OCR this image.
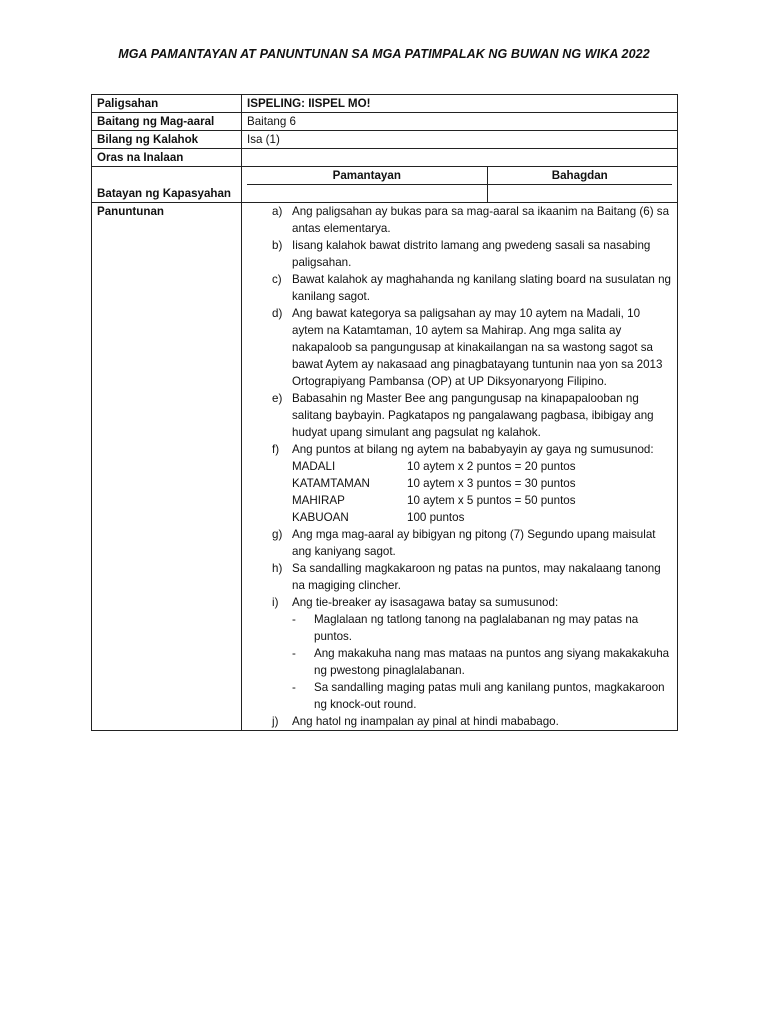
MGA PAMANTAYAN AT PANUNTUNAN SA MGA PATIMPALAK NG BUWAN NG WIKA 2022
Paligsahan	ISPELING: IISPEL MO!
Baitang ng Mag-aaral	Baitang 6
Bilang ng Kalahok	Isa (1)
Oras na Inalaan	
Batayan ng Kapasyahan	
Pamantayan	Bahagdan

Panuntunan	a) Ang paligsahan ay bukas para sa mag-aaral sa ikaanim na Baitang (6) sa antas elementarya.
b) Iisang kalahok bawat distrito lamang ang pwedeng sasali sa nasabing paligsahan.
c) Bawat kalahok ay maghahanda ng kanilang slating board na susulatan ng kanilang sagot.
d) Ang bawat kategorya sa paligsahan ay may 10 aytem na Madali, 10 aytem na Katamtaman, 10 aytem sa Mahirap. Ang mga salita ay nakapaloob sa pangungusap at kinakailangan na sa wastong sagot sa bawat Aytem ay nakasaad ang pinagbatayang tuntunin naa yon sa 2013 Ortograpiyang Pambansa (OP) at UP Diksyonaryong Filipino.
e) Babasahin ng Master Bee ang pangungusap na kinapapalooban ng salitang baybayin. Pagkatapos ng pangalawang pagbasa, ibibigay ang hudyat upang simulant ang pagsulat ng kalahok.
f) Ang puntos at bilang ng aytem na bababyayin ay gaya ng sumusunod:
MADALI	10 aytem x 2 puntos = 20 puntos
KATAMTAMAN	10 aytem x 3 puntos = 30 puntos
MAHIRAP	10 aytem x 5 puntos = 50 puntos
KABUOAN	100 puntos
g) Ang mga mag-aaral ay bibigyan ng pitong (7) Segundo upang maisulat ang kaniyang sagot.
h) Sa sandalling magkakaroon ng patas na puntos, may nakalaang tanong na magiging clincher.
i) Ang tie-breaker ay isasagawa batay sa sumusunod:
- Maglalaan ng tatlong tanong na paglalabanan ng may patas na puntos.
- Ang makakuha nang mas mataas na puntos ang siyang makakakuha ng pwestong pinaglalabanan.
- Sa sandalling maging patas muli ang kanilang puntos, magkakaroon ng knock-out round.
j) Ang hatol ng inampalan ay pinal at hindi mababago.
